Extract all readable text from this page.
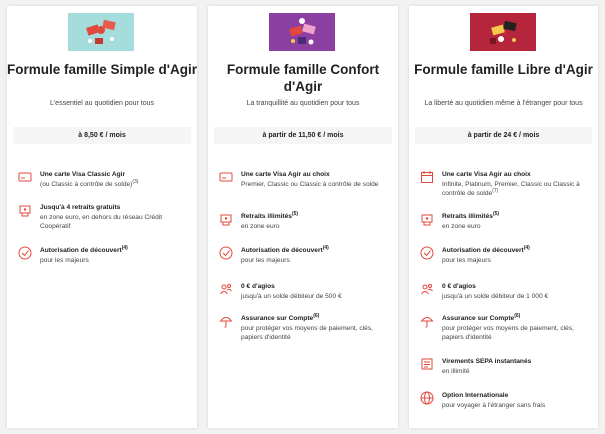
Formule famille Simple d'Agir
L'essentiel au quotidien pour tous
à 8,50 € / mois
Une carte Visa Classic Agir
(ou Classic à contrôle de solde)$^{(3)}$
Jusqu'à 4 retraits gratuits
en zone euro, en dehors du réseau Crédit Coopératif
Autorisation de découvert$^{(4)}$
pour les majeurs
Formule famille Confort d'Agir
La tranquillité au quotidien pour tous
à partir de 11,50 € / mois
Une carte Visa Agir au choix
Premier, Classic ou Classic à contrôle de solde
Retraits illimités$^{(5)}$
en zone euro
Autorisation de découvert$^{(4)}$
pour les majeurs
0 € d'agios
jusqu'à un solde débiteur de 500 €
Assurance sur Compte$^{(6)}$
pour protéger vos moyens de paiement, clés, papiers d'identité
Formule famille Libre d'Agir
La liberté au quotidien même à l'étranger pour tous
à partir de 24 € / mois
Une carte Visa Agir au choix
Infinite, Platinum, Premier, Classic ou Classic à contrôle de solde$^{(7)}$
Retraits illimités$^{(5)}$
en zone euro
Autorisation de découvert$^{(4)}$
pour les majeurs
0 € d'agios
jusqu'à un solde débiteur de 1 000 €
Assurance sur Compte$^{(6)}$
pour protéger vos moyens de paiement, clés, papiers d'identité
Virements SEPA instantanés
en illimité
Option Internationale
pour voyager à l'étranger sans frais
